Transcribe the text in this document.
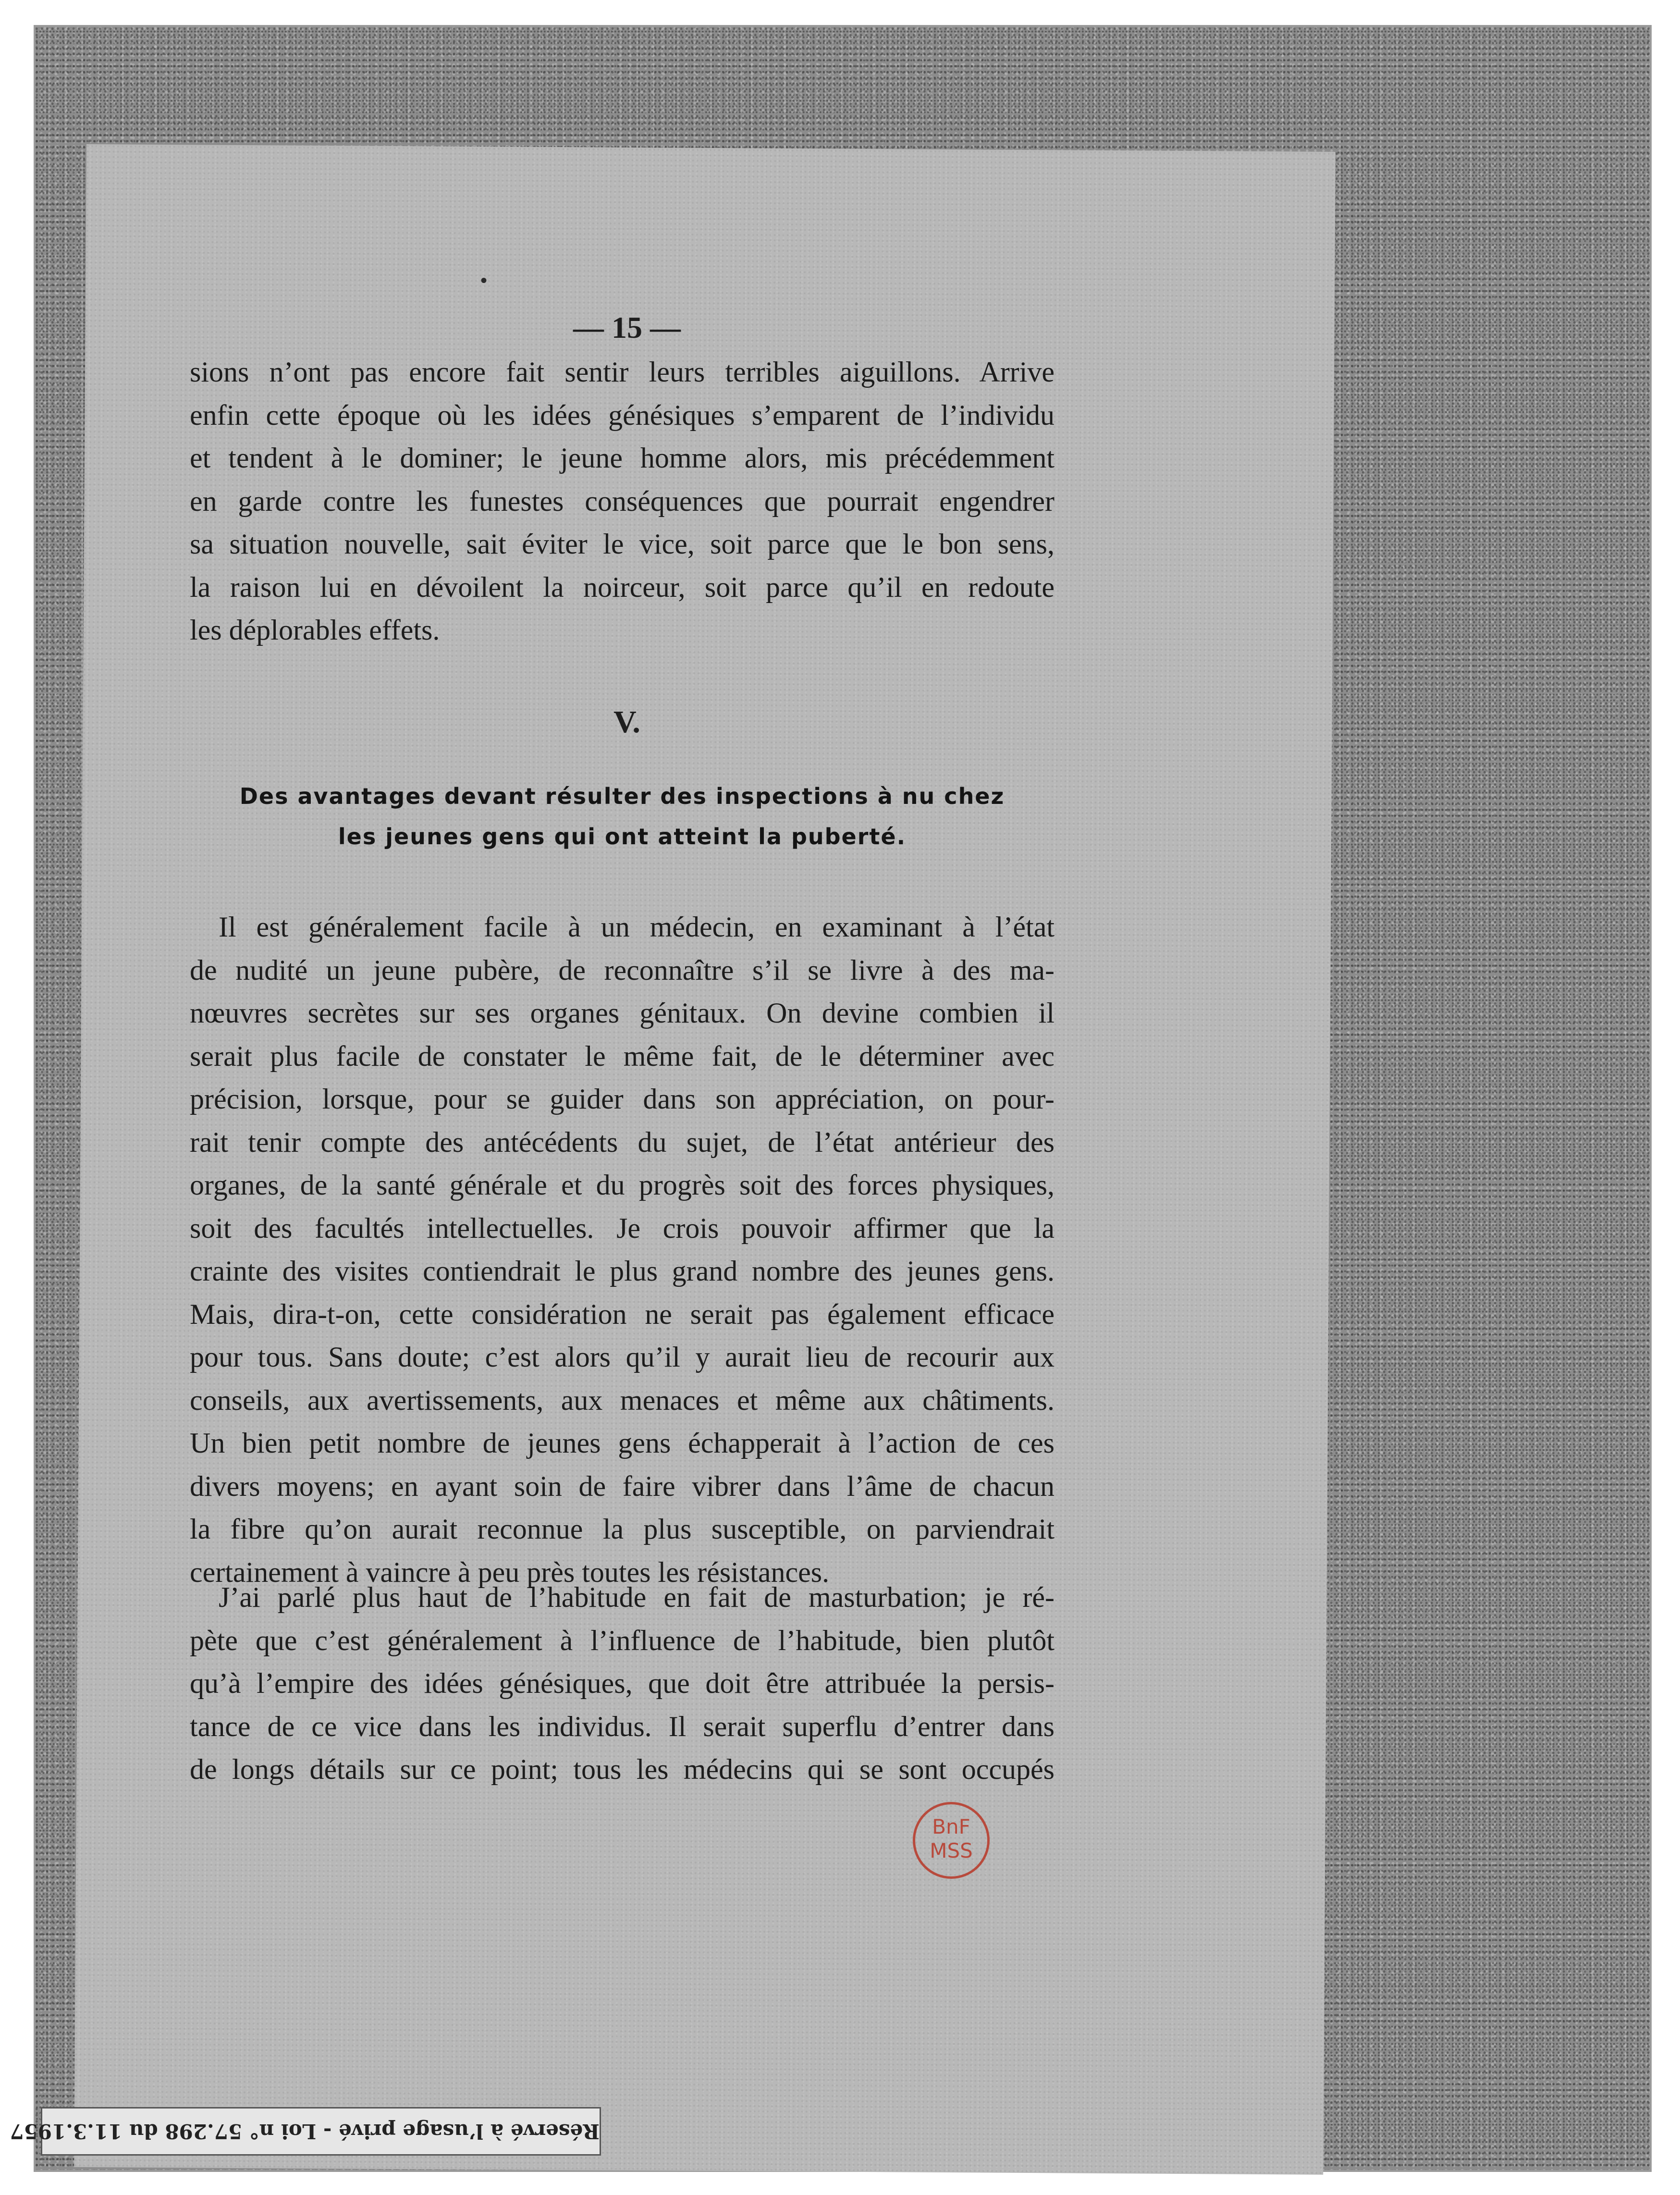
•
— 15 —

sions n’ont pas encore fait sentir leurs terribles aiguillons. Arrive
enfin cette époque où les idées génésiques s’emparent de l’individu
et tendent à le dominer; le jeune homme alors, mis précédemment
en garde contre les funestes conséquences que pourrait engendrer
sa situation nouvelle, sait éviter le vice, soit parce que le bon sens,
la raison lui en dévoilent la noirceur, soit parce qu’il en redoute
les déplorables effets.

V.
Des avantages devant résulter des inspections à nu chez
les jeunes gens qui ont atteint la puberté.

Il est généralement facile à un médecin, en examinant à l’état
de nudité un jeune pubère, de reconnaître s’il se livre à des ma-
nœuvres secrètes sur ses organes génitaux. On devine combien il
serait plus facile de constater le même fait, de le déterminer avec
précision, lorsque, pour se guider dans son appréciation, on pour-
rait tenir compte des antécédents du sujet, de l’état antérieur des
organes, de la santé générale et du progrès soit des forces physiques,
soit des facultés intellectuelles. Je crois pouvoir affirmer que la
crainte des visites contiendrait le plus grand nombre des jeunes gens.
Mais, dira-t-on, cette considération ne serait pas également efficace
pour tous. Sans doute; c’est alors qu’il y aurait lieu de recourir aux
conseils, aux avertissements, aux menaces et même aux châtiments.
Un bien petit nombre de jeunes gens échapperait à l’action de ces
divers moyens; en ayant soin de faire vibrer dans l’âme de chacun
la fibre qu’on aurait reconnue la plus susceptible, on parviendrait
certainement à vaincre à peu près toutes les résistances.

J’ai parlé plus haut de l’habitude en fait de masturbation; je ré-
pète que c’est généralement à l’influence de l’habitude, bien plutôt
qu’à l’empire des idées génésiques, que doit être attribuée la persis-
tance de ce vice dans les individus. Il serait superflu d’entrer dans
de longs détails sur ce point; tous les médecins qui se sont occupés

BnF
MSS
Réservé à l’usage privé - Loi n° 57.298 du 11.3.1957
